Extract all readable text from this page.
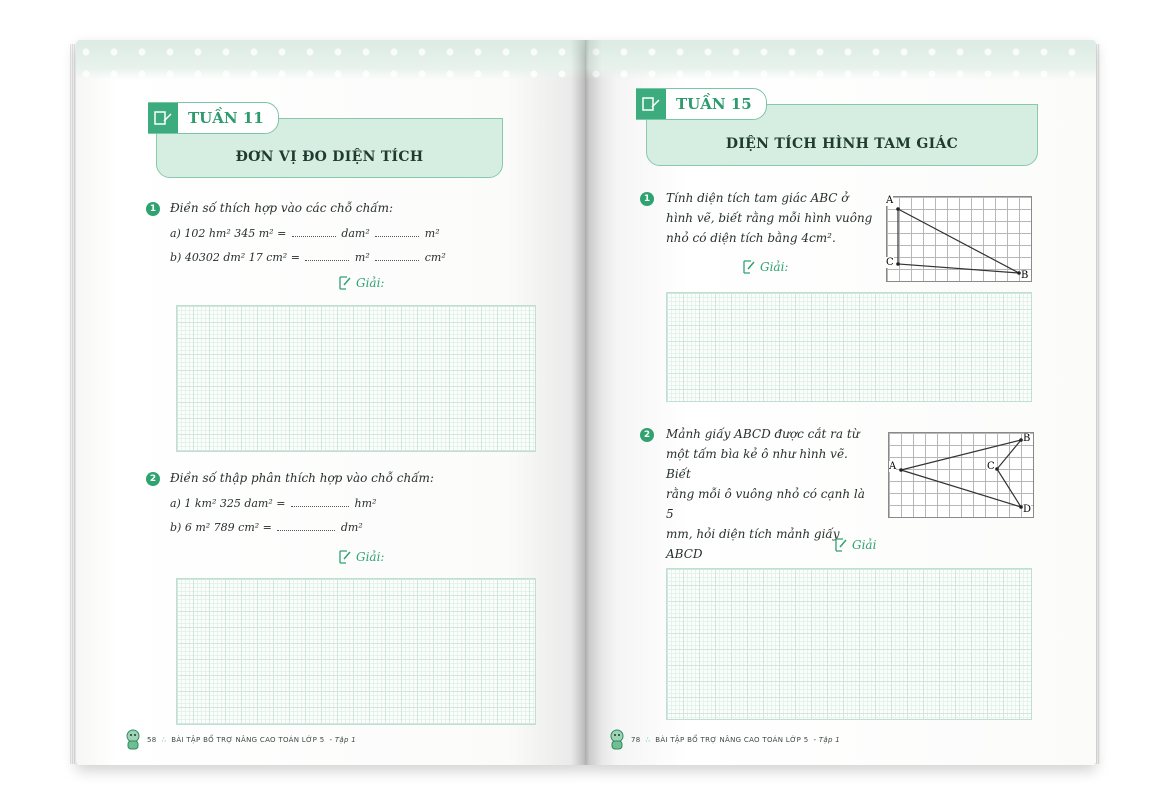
ĐƠN VỊ ĐO DIỆN TÍCH
TUẦN 11
1	Điền số thích hợp vào các chỗ chấm:
a) 102 hm² 345 m² =	dam²	m²
b) 40302 dm² 17 cm² =	m²	cm²
Giải:
2	Điền số thập phân thích hợp vào chỗ chấm:
a) 1 km² 325 dam² =	hm²
b) 6 m² 789 cm² =	dm²
Giải:
58 ∴ BÀI TẬP BỔ TRỢ NÂNG CAO TOÁN LỚP 5 - Tập 1
DIỆN TÍCH HÌNH TAM GIÁC
TUẦN 15
1	Tính diện tích tam giác ABC ở
hình vẽ, biết rằng mỗi hình vuông
nhỏ có diện tích bằng 4cm².
A
C
B
Giải:
2	Mảnh giấy ABCD được cắt ra từ
một tấm bìa kẻ ô như hình vẽ. Biết
rằng mỗi ô vuông nhỏ có cạnh là 5
mm, hỏi diện tích mảnh giấy ABCD
A
B
C
D
Giải
78 ∴ BÀI TẬP BỔ TRỢ NÂNG CAO TOÁN LỚP 5 - Tập 1
